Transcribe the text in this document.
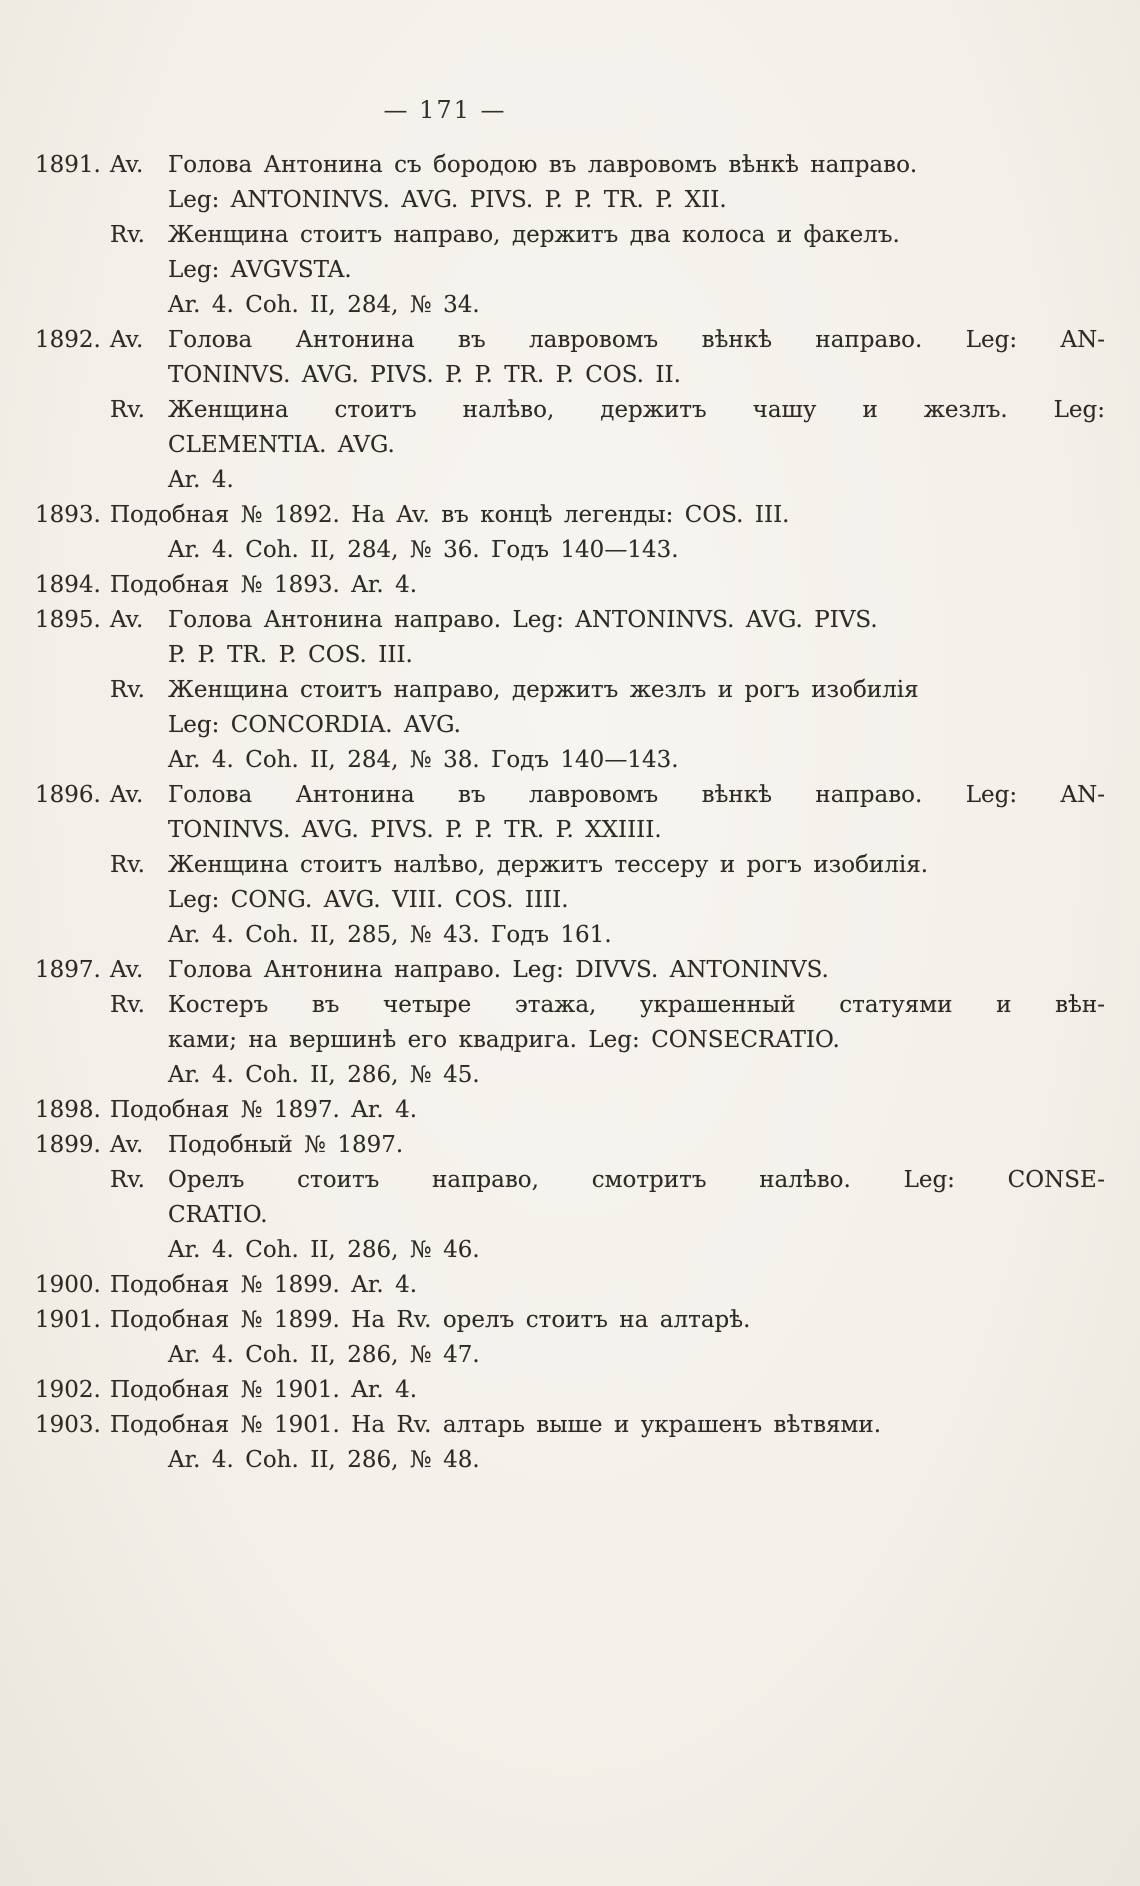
— 171 —
1891. Av.	Голова Антонина съ бородою въ лавровомъ вѣнкѣ направо.
Leg: ANTONINVS. AVG. PIVS. P. P. TR. P. XII.
Rv.	Женщина стоитъ направо, держитъ два колоса и факелъ.
Leg: AVGVSTA.
Ar. 4. Coh. II, 284, № 34.
1892. Av.	Голова Антонина въ лавровомъ вѣнкѣ направо. Leg: AN-
TONINVS. AVG. PIVS. P. P. TR. P. COS. II.
Rv.	Женщина стоитъ налѣво, держитъ чашу и жезлъ. Leg:
CLEMENTIA. AVG.
Ar. 4.
1893. Подобная № 1892. На Av. въ концѣ легенды: COS. III.
Ar. 4. Coh. II, 284, № 36. Годъ 140—143.
1894. Подобная № 1893. Ar. 4.
1895. Av.	Голова Антонина направо. Leg: ANTONINVS. AVG. PIVS.
P. P. TR. P. COS. III.
Rv.	Женщина стоитъ направо, держитъ жезлъ и рогъ изобилія
Leg: CONCORDIA. AVG.
Ar. 4. Coh. II, 284, № 38. Годъ 140—143.
1896. Av.	Голова Антонина въ лавровомъ вѣнкѣ направо. Leg: AN-
TONINVS. AVG. PIVS. P. P. TR. P. XXIIII.
Rv.	Женщина стоитъ налѣво, держитъ тессеру и рогъ изобилія.
Leg: CONG. AVG. VIII. COS. IIII.
Ar. 4. Coh. II, 285, № 43. Годъ 161.
1897. Av.	Голова Антонина направо. Leg: DIVVS. ANTONINVS.
Rv.	Костеръ въ четыре этажа, украшенный статуями и вѣн-
ками; на вершинѣ его квадрига. Leg: CONSECRATIO.
Ar. 4. Coh. II, 286, № 45.
1898. Подобная № 1897. Ar. 4.
1899. Av.	Подобный № 1897.
Rv.	Орелъ стоитъ направо, смотритъ налѣво. Leg: CONSE-
CRATIO.
Ar. 4. Coh. II, 286, № 46.
1900. Подобная № 1899. Ar. 4.
1901. Подобная № 1899. На Rv. орелъ стоитъ на алтарѣ.
Ar. 4. Coh. II, 286, № 47.
1902. Подобная № 1901. Ar. 4.
1903. Подобная № 1901. На Rv. алтарь выше и украшенъ вѣтвями.
Ar. 4. Coh. II, 286, № 48.
